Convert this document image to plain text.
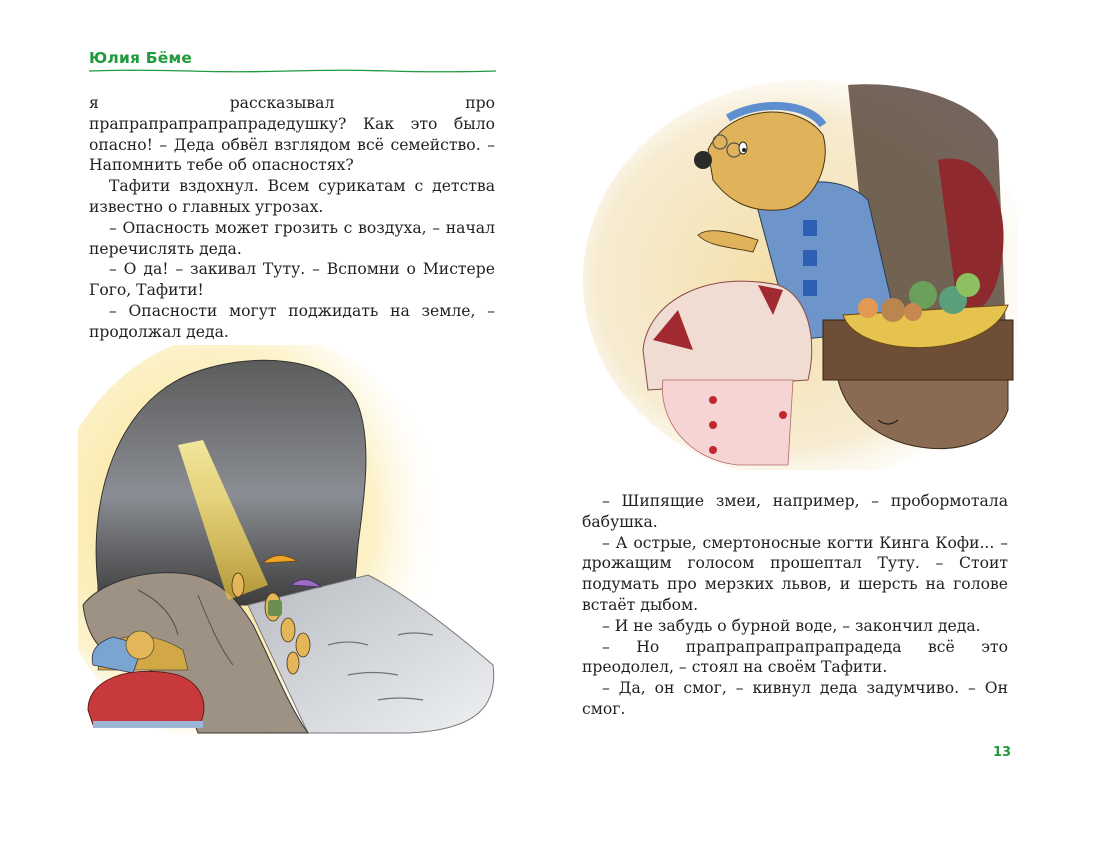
Юлия Бёме

я рассказывал про прапрапрапрапрапрадедушку? Как это было опасно! – Деда обвёл взглядом всё семейство. – Напомнить тебе об опасностях?

Тафити вздохнул. Всем сурикатам с детства известно о главных угрозах.

– Опасность может грозить с воздуха, – начал перечислять деда.

– О да! – закивал Туту. – Вспомни о Мистере Гого, Тафити!

– Опасности могут поджидать на земле, – продолжал деда.

– Шипящие змеи, например, – пробормотала бабушка.

– А острые, смертоносные когти Кинга Кофи... – дрожащим голосом прошептал Туту. – Стоит подумать про мерзких львов, и шерсть на голове встаёт дыбом.

– И не забудь о бурной воде, – закончил деда.

– Но прапрапрапрапрапрадеда всё это преодолел, – стоял на своём Тафити.

– Да, он смог, – кивнул деда задумчиво. – Он смог.

13
